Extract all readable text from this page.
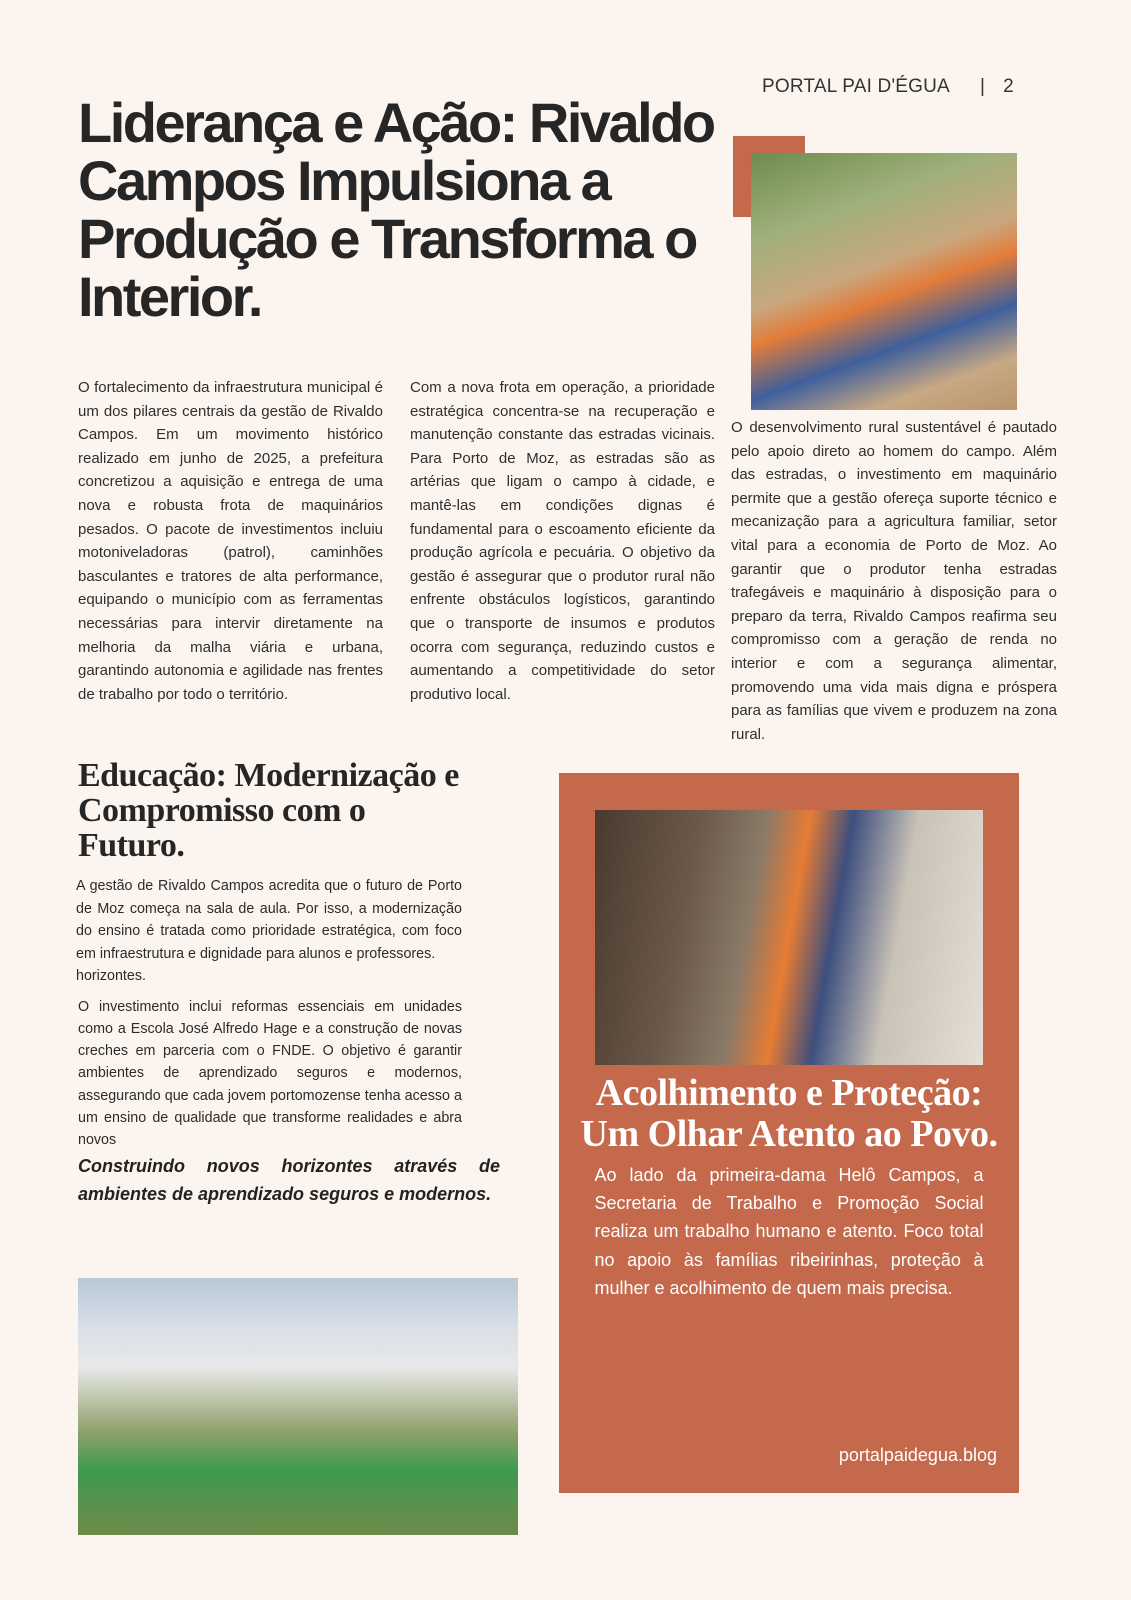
PORTAL PAI D'ÉGUA | 2
Liderança e Ação: Rivaldo Campos Impulsiona a Produção e Transforma o Interior.

O fortalecimento da infraestrutura municipal é um dos pilares centrais da gestão de Rivaldo Campos. Em um movimento histórico realizado em junho de 2025, a prefeitura concretizou a aquisição e entrega de uma nova e robusta frota de maquinários pesados. O pacote de investimentos incluiu motoniveladoras (patrol), caminhões basculantes e tratores de alta performance, equipando o município com as ferramentas necessárias para intervir diretamente na melhoria da malha viária e urbana, garantindo autonomia e agilidade nas frentes de trabalho por todo o território.

Com a nova frota em operação, a prioridade estratégica concentra-se na recuperação e manutenção constante das estradas vicinais. Para Porto de Moz, as estradas são as artérias que ligam o campo à cidade, e mantê-las em condições dignas é fundamental para o escoamento eficiente da produção agrícola e pecuária. O objetivo da gestão é assegurar que o produtor rural não enfrente obstáculos logísticos, garantindo que o transporte de insumos e produtos ocorra com segurança, reduzindo custos e aumentando a competitividade do setor produtivo local.

O desenvolvimento rural sustentável é pautado pelo apoio direto ao homem do campo. Além das estradas, o investimento em maquinário permite que a gestão ofereça suporte técnico e mecanização para a agricultura familiar, setor vital para a economia de Porto de Moz. Ao garantir que o produtor tenha estradas trafegáveis e maquinário à disposição para o preparo da terra, Rivaldo Campos reafirma seu compromisso com a geração de renda no interior e com a segurança alimentar, promovendo uma vida mais digna e próspera para as famílias que vivem e produzem na zona rural.

Educação: Modernização e Compromisso com o Futuro.

A gestão de Rivaldo Campos acredita que o futuro de Porto de Moz começa na sala de aula. Por isso, a modernização do ensino é tratada como prioridade estratégica, com foco em infraestrutura e dignidade para alunos e professores.

horizontes.

O investimento inclui reformas essenciais em unidades como a Escola José Alfredo Hage e a construção de novas creches em parceria com o FNDE. O objetivo é garantir ambientes de aprendizado seguros e modernos, assegurando que cada jovem portomozense tenha acesso a um ensino de qualidade que transforme realidades e abra novos

Construindo novos horizontes através de ambientes de aprendizado seguros e modernos.

Acolhimento e Proteção: Um Olhar Atento ao Povo.

Ao lado da primeira-dama Helô Campos, a Secretaria de Trabalho e Promoção Social realiza um trabalho humano e atento. Foco total no apoio às famílias ribeirinhas, proteção à mulher e acolhimento de quem mais precisa.

portalpaidegua.blog
